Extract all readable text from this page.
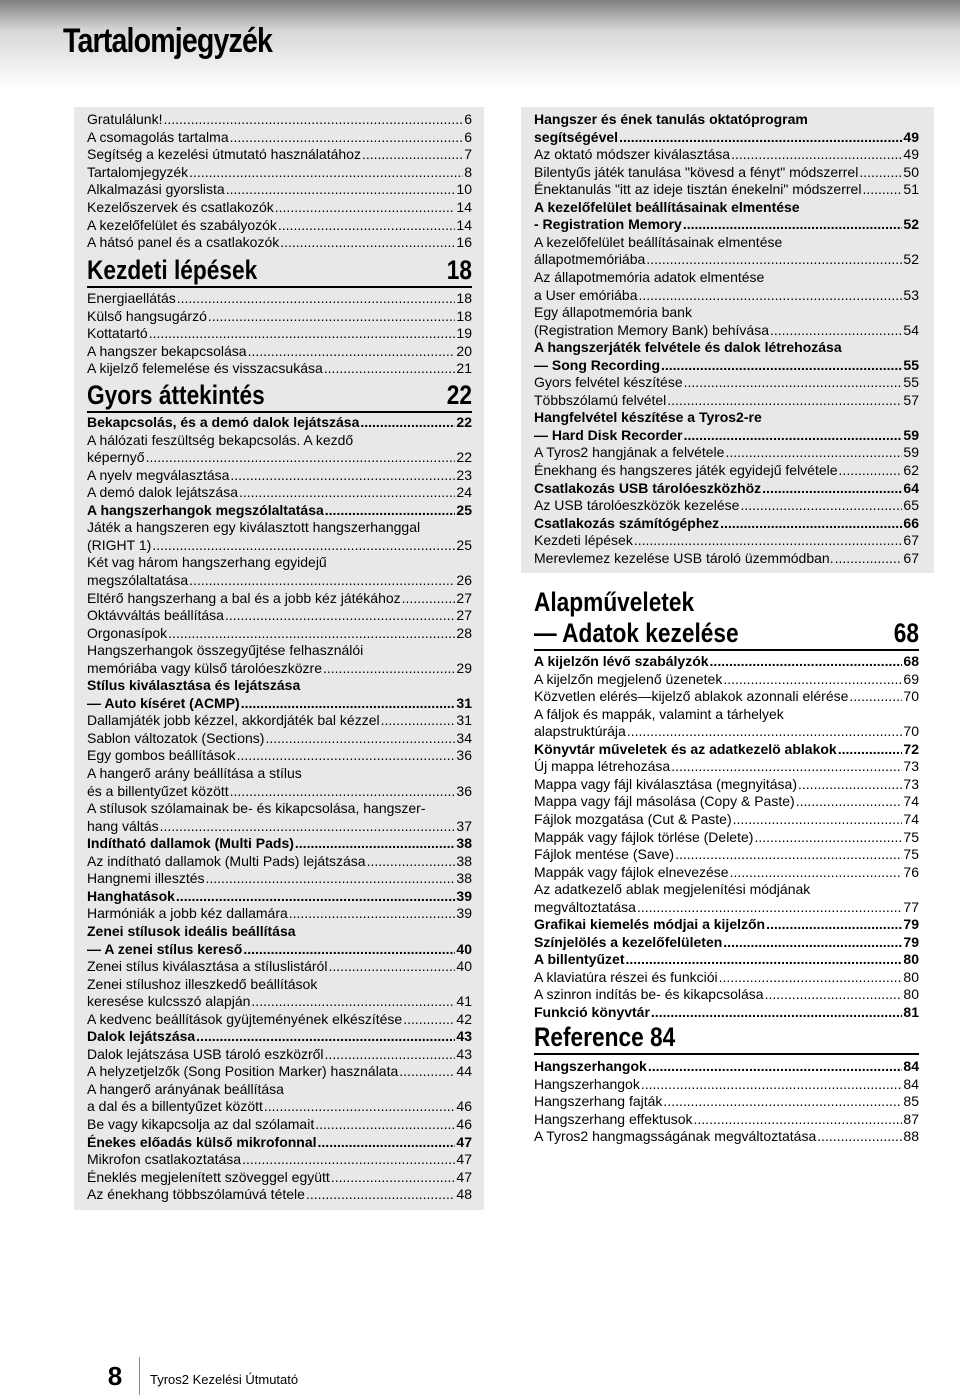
Tartalomjegyzék
Gratulálunk! .....	6
A csomagolás tartalma .....	6
Segítség a kezelési útmutató használatához .....	7
Tartalomjegyzék .....	8
Alkalmazási gyorslista .....	10
Kezelőszervek és csatlakozók .....	14
A kezelőfelület és szabályozók .....	14
A hátsó panel és a csatlakozók .....	16
Kezdeti lépések	18
Energiaellátás .....	18
Külső hangsugárzó .....	18
Kottatartó .....	19
A hangszer bekapcsolása .....	20
A kijelző felemelése és visszacsukása .....	21
Gyors áttekintés	22
Bekapcsolás, és a demó dalok lejátszása .....	22
A hálózati feszültség bekapcsolás. A kezdő
képernyő .....	22
A nyelv megválasztása .....	23
A demó dalok lejátszása .....	24
A hangszerhangok megszólaltatása .....	25
Játék a hangszeren egy kiválasztott hangszerhanggal
(RIGHT 1) .....	25
Két vag három hangszerhang egyidejű
megszólaltatása .....	26
Eltérő hangszerhang a bal és a jobb kéz játékához .....	27
Oktávváltás beállítása .....	27
Orgonasípok .....	28
Hangszerhangok összegyűjtése felhasználói
memóriába vagy külső tárolóeszközre .....	29
Stílus kiválasztása és lejátszása
— Auto kíséret (ACMP) .....	31
Dallamjáték jobb kézzel, akkordjáték bal kézzel .....	31
Sablon változatok (Sections) .....	34
Egy gombos beállítások .....	36
A hangerő arány beállítása a stílus
és a billentyűzet között .....	36
A stílusok szólamainak be- és kikapcsolása, hangszer-
hang váltás .....	37
Indítható dallamok (Multi Pads) .....	38
Az indítható dallamok (Multi Pads) lejátszása .....	38
Hangnemi illesztés .....	38
Hanghatások .....	39
Harmóniák a jobb kéz dallamára .....	39
Zenei stílusok ideális beállítása
— A zenei stílus kereső .....	40
Zenei stílus kiválasztása a stíluslistáról .....	40
Zenei stílushoz illeszkedő beállítások
keresése kulcsszó alapján .....	41
A kedvenc beállítások gyüjteményének elkészítése .....	42
Dalok lejátszása .....	43
Dalok lejátszása USB tároló eszközről .....	43
A helyzetjelzők (Song Position Marker) használata .....	44
A hangerő arányának beállítása
a dal és a billentyűzet között .....	46
Be vagy kikapcsolja az dal szólamait .....	46
Énekes előadás külső mikrofonnal .....	47
Mikrofon csatlakoztatása .....	47
Éneklés megjelenített szöveggel együtt .....	47
Az énekhang többszólamúvá tétele .....	48
Hangszer és ének tanulás oktatóprogram
segítségével .....	49
Az oktató módszer kiválasztása .....	49
Bilentyűs játék tanulása "kövesd a fényt" módszerrel .....	50
Énektanulás "itt az ideje tisztán énekelni" módszerrel .....	51
A kezelőfelület beállításainak elmentése
- Registration Memory .....	52
A kezelőfelület beállításainak elmentése
állapotmemóriába .....	52
Az állapotmemória adatok elmentése
a User emóriába .....	53
Egy állapotmemória bank
(Registration Memory Bank) behívása .....	54
A hangszerjáték felvétele és dalok létrehozása
— Song Recording .....	55
Gyors felvétel készítése .....	55
Többszólamú felvétel .....	57
Hangfelvétel készítése a Tyros2-re
— Hard Disk Recorder .....	59
A Tyros2 hangjának a felvétele .....	59
Énekhang és hangszeres játék egyidejű felvétele .....	62
Csatlakozás USB tárolóeszközhöz .....	64
Az USB tárolóeszközök kezelése .....	65
Csatlakozás számítógéphez .....	66
Kezdeti lépések .....	67
Merevlemez kezelése USB tároló üzemmódban. .....	67
Alapműveletek
— Adatok kezelése	68
A kijelzőn lévő szabályzók .....	68
A kijelzőn megjelenő üzenetek .....	69
Közvetlen elérés—kijelző ablakok azonnali elérése .....	70
A fáljok és mappák, valamint a tárhelyek
alapstruktúrája .....	70
Könyvtár műveletek és az adatkezelö ablakok .....	72
Új mappa létrehozása .....	73
Mappa vagy fájl kiválasztása (megnyitása) .....	73
Mappa vagy fájl másolása (Copy & Paste) .....	74
Fájlok mozgatása (Cut & Paste) .....	74
Mappák vagy fájlok törlése (Delete) .....	75
Fájlok mentése (Save) .....	75
Mappák vagy fájlok elnevezése .....	76
Az adatkezelő ablak megjelenítési módjának
megváltoztatása .....	77
Grafikai kiemelés módjai a kijelzőn .....	79
Színjelölés a kezelőfelületen .....	79
A billentyűzet .....	80
A klaviatúra részei és funkciói .....	80
A szinron indítás be- és kikapcsolása .....	80
Funkció könyvtár .....	81
Reference 84
Hangszerhangok .....	84
Hangszerhangok .....	84
Hangszerhang fajták .....	85
Hangszerhang effektusok .....	87
A Tyros2 hangmagsságának megváltoztatása .....	88
8	Tyros2 Kezelési Útmutató
